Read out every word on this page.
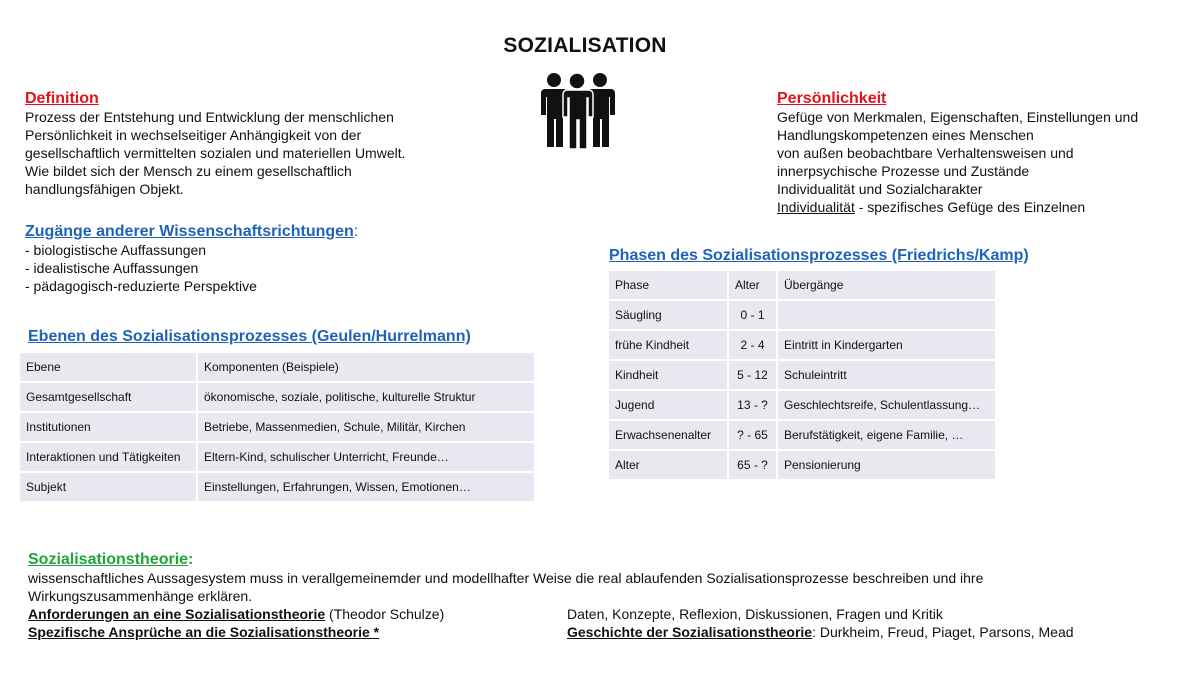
SOZIALISATION
Definition
Prozess der Entstehung und Entwicklung der menschlichen
Persönlichkeit in wechselseitiger Anhängigkeit von der
gesellschaftlich vermittelten sozialen und materiellen Umwelt.
Wie bildet sich der Mensch zu einem gesellschaftlich
handlungsfähigen Objekt.
Zugänge anderer Wissenschaftsrichtungen:
- biologistische Auffassungen
- idealistische Auffassungen
- pädagogisch-reduzierte Perspektive
Ebenen des Sozialisationsprozesses (Geulen/Hurrelmann)
Ebene	Komponenten (Beispiele)
Gesamtgesellschaft	ökonomische, soziale, politische, kulturelle Struktur
Institutionen	Betriebe, Massenmedien, Schule, Militär, Kirchen
Interaktionen und Tätigkeiten	Eltern-Kind, schulischer Unterricht, Freunde…
Subjekt	Einstellungen, Erfahrungen, Wissen, Emotionen…
Persönlichkeit
Gefüge von Merkmalen, Eigenschaften, Einstellungen und
Handlungskompetenzen eines Menschen
von außen beobachtbare Verhaltensweisen und
innerpsychische Prozesse und Zustände
Individualität und Sozialcharakter
Individualität - spezifisches Gefüge des Einzelnen
Phasen des Sozialisationsprozesses (Friedrichs/Kamp)
Phase	Alter	Übergänge
Säugling	0 - 1	
frühe Kindheit	2 - 4	Eintritt in Kindergarten
Kindheit	5 - 12	Schuleintritt
Jugend	13 - ?	Geschlechtsreife, Schulentlassung…
Erwachsenenalter	? - 65	Berufstätigkeit, eigene Familie, …
Alter	65 - ?	Pensionierung
Sozialisationstheorie:
wissenschaftliches Aussagesystem muss in verallgemeinemder und modellhafter Weise die real ablaufenden Sozialisationsprozesse beschreiben und ihre
Wirkungszusammenhänge erklären.
Anforderungen an eine Sozialisationstheorie (Theodor Schulze)	Daten, Konzepte, Reflexion, Diskussionen, Fragen und Kritik
Spezifische Ansprüche an die Sozialisationstheorie *	Geschichte der Sozialisationstheorie: Durkheim, Freud, Piaget, Parsons, Mead
